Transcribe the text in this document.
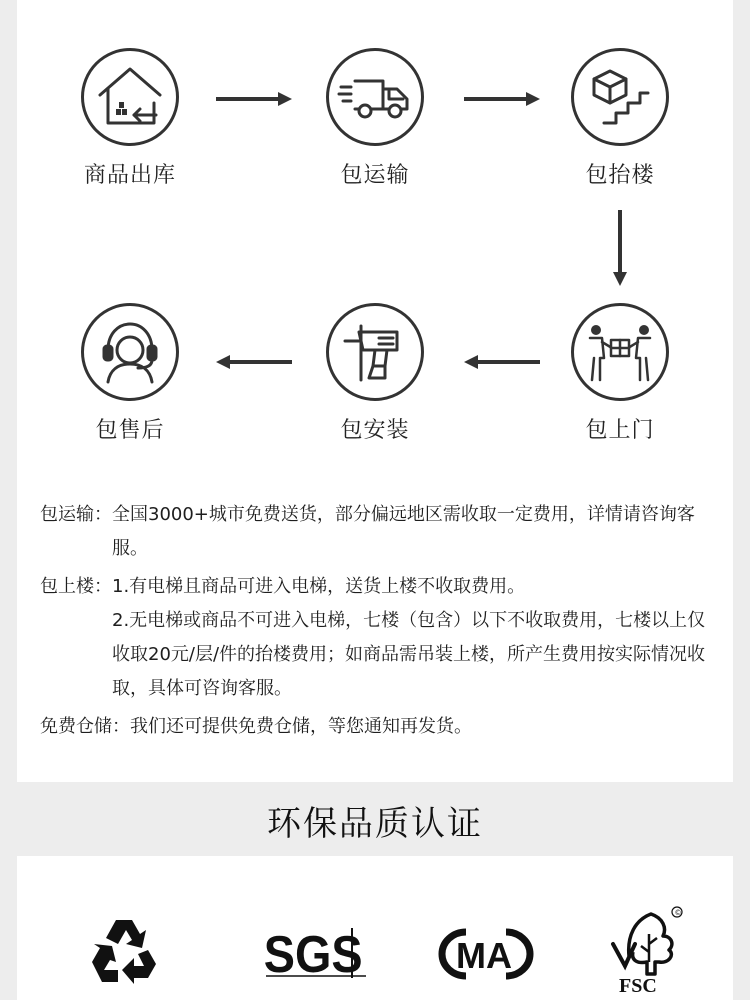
商品出库	包运输	包抬楼
包上门
包安装
包售后
包运输： 全国3000+城市免费送货，部分偏远地区需收取一定费用，详情请咨询客服。
包上楼： 1.有电梯且商品可进入电梯，送货上楼不收取费用。
2.无电梯或商品不可进入电梯，七楼（包含）以下不收取费用，七楼以上仅收取20元/层/件的抬楼费用；如商品需吊装上楼，所产生费用按实际情况收取，具体可咨询客服。
免费仓储： 我们还可提供免费仓储，等您通知再发货。
环保品质认证
SGS	MA
©
FSC
